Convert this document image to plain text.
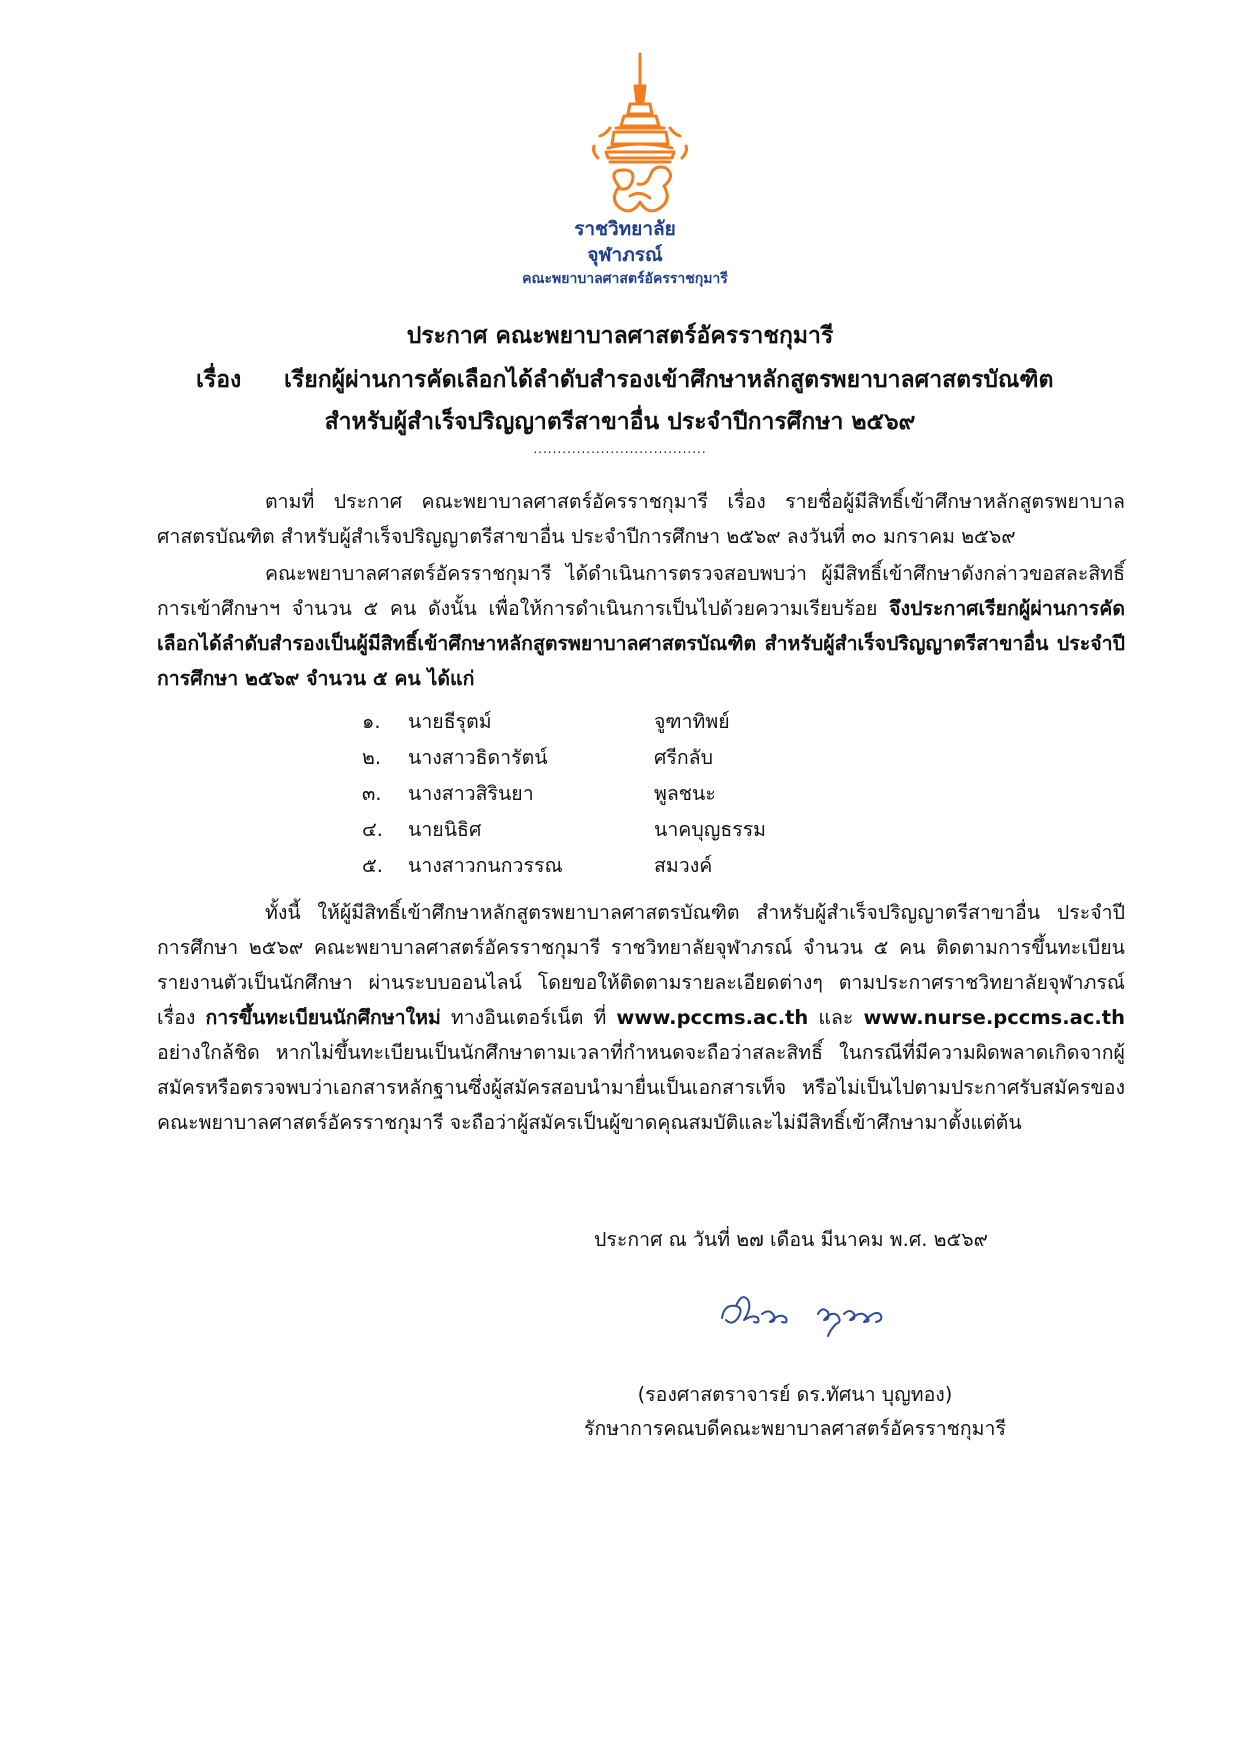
ราชวิทยาลัย
จุฬาภรณ์
คณะพยาบาลศาสตร์อัครราชกุมารี
ประกาศ คณะพยาบาลศาสตร์อัครราชกุมารี
เรื่อง เรียกผู้ผ่านการคัดเลือกได้ลำดับสำรองเข้าศึกษาหลักสูตรพยาบาลศาสตรบัณฑิต
สำหรับผู้สำเร็จปริญญาตรีสาขาอื่น ประจำปีการศึกษา ๒๕๖๙
....................................

ตามที่ ประกาศ คณะพยาบาลศาสตร์อัครราชกุมารี เรื่อง รายชื่อผู้มีสิทธิ์เข้าศึกษาหลักสูตรพยาบาลศาสตรบัณฑิต สำหรับผู้สำเร็จปริญญาตรีสาขาอื่น ประจำปีการศึกษา ๒๕๖๙ ลงวันที่ ๓๐ มกราคม ๒๕๖๙

คณะพยาบาลศาสตร์อัครราชกุมารี ได้ดำเนินการตรวจสอบพบว่า ผู้มีสิทธิ์เข้าศึกษาดังกล่าวขอสละสิทธิ์การเข้าศึกษาฯ จำนวน ๕ คน ดังนั้น เพื่อให้การดำเนินการเป็นไปด้วยความเรียบร้อย จึงประกาศเรียกผู้ผ่านการคัดเลือกได้ลำดับสำรองเป็นผู้มีสิทธิ์เข้าศึกษาหลักสูตรพยาบาลศาสตรบัณฑิต สำหรับผู้สำเร็จปริญญาตรีสาขาอื่น ประจำปีการศึกษา ๒๕๖๙ จำนวน ๕ คน ได้แก่

๑. นายธีรุตม์	จูฑาทิพย์
๒. นางสาวธิดารัตน์	ศรีกลับ
๓. นางสาวสิรินยา	พูลชนะ
๔. นายนิธิศ	นาคบุญธรรม
๕. นางสาวกนกวรรณ	สมวงค์

ทั้งนี้ ให้ผู้มีสิทธิ์เข้าศึกษาหลักสูตรพยาบาลศาสตรบัณฑิต สำหรับผู้สำเร็จปริญญาตรีสาขาอื่น ประจำปีการศึกษา ๒๕๖๙ คณะพยาบาลศาสตร์อัครราชกุมารี ราชวิทยาลัยจุฬาภรณ์ จำนวน ๕ คน ติดตามการขึ้นทะเบียนรายงานตัวเป็นนักศึกษา ผ่านระบบออนไลน์ โดยขอให้ติดตามรายละเอียดต่างๆ ตามประกาศราชวิทยาลัยจุฬาภรณ์ เรื่อง การขึ้นทะเบียนนักศึกษาใหม่ ทางอินเตอร์เน็ต ที่ www.pccms.ac.th และ www.nurse.pccms.ac.th อย่างใกล้ชิด หากไม่ขึ้นทะเบียนเป็นนักศึกษาตามเวลาที่กำหนดจะถือว่าสละสิทธิ์ ในกรณีที่มีความผิดพลาดเกิดจากผู้สมัครหรือตรวจพบว่าเอกสารหลักฐานซึ่งผู้สมัครสอบนำมายื่นเป็นเอกสารเท็จ หรือไม่เป็นไปตามประกาศรับสมัครของคณะพยาบาลศาสตร์อัครราชกุมารี จะถือว่าผู้สมัครเป็นผู้ขาดคุณสมบัติและไม่มีสิทธิ์เข้าศึกษามาตั้งแต่ต้น

ประกาศ ณ วันที่ ๒๗ เดือน มีนาคม พ.ศ. ๒๕๖๙
(รองศาสตราจารย์ ดร.ทัศนา บุญทอง)
รักษาการคณบดีคณะพยาบาลศาสตร์อัครราชกุมารี
